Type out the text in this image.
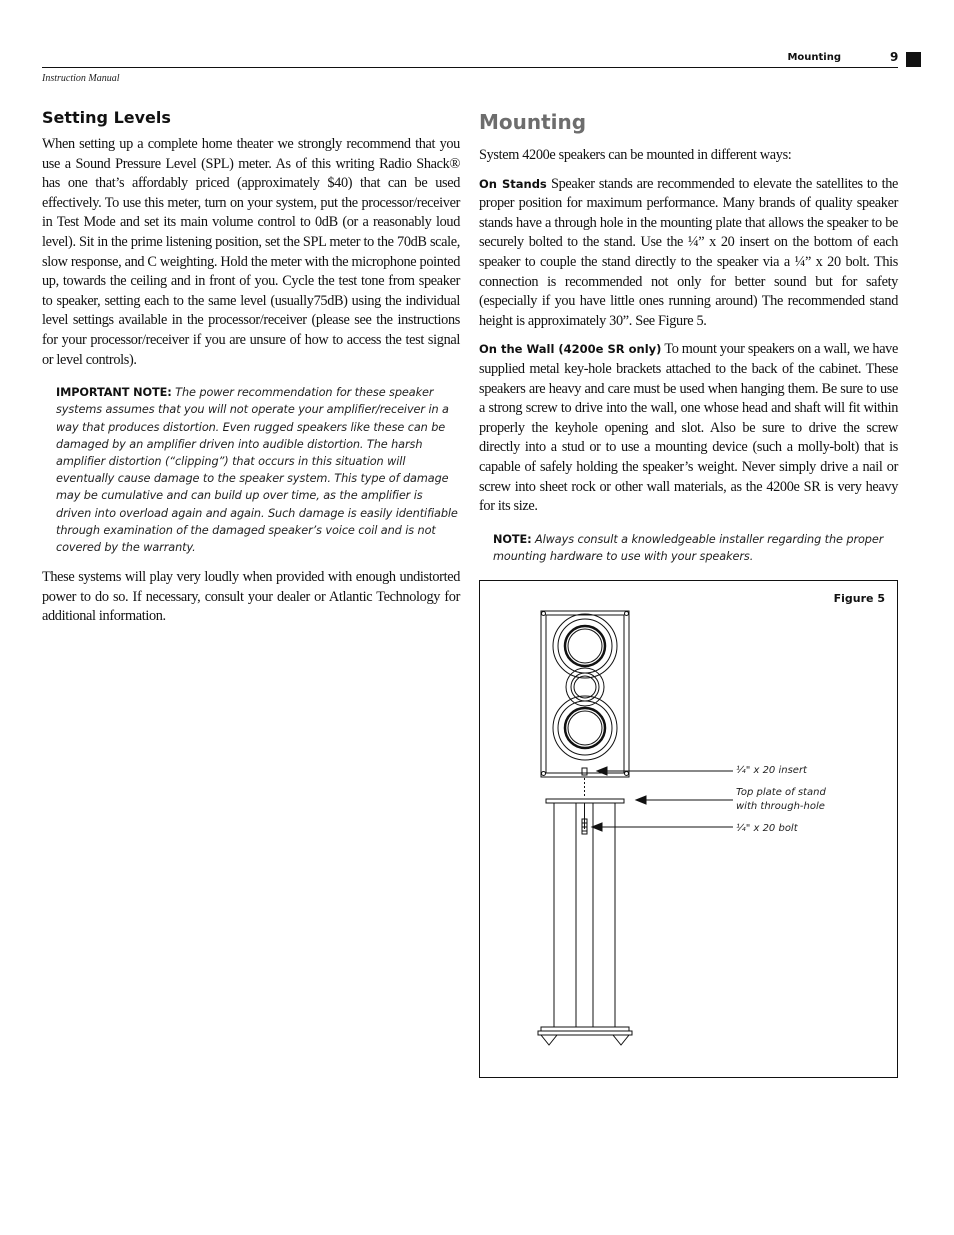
Mounting	9
Instruction Manual
Setting Levels

When setting up a complete home theater we strongly recommend that you use a Sound Pressure Level (SPL) meter. As of this writing Radio Shack® has one that’s affordably priced (approximately $40) that can be used effectively. To use this meter, turn on your system, put the processor/receiver in Test Mode and set its main volume control to 0dB (or a reasonably loud level). Sit in the prime listening position, set the SPL meter to the 70dB scale, slow response, and C weighting. Hold the meter with the microphone pointed up, towards the ceiling and in front of you. Cycle the test tone from speaker to speaker, setting each to the same level (usually75dB) using the individual level settings available in the processor/receiver (please see the instructions for your processor/receiver if you are unsure of how to access the test signal or level controls).

IMPORTANT NOTE: The power recommendation for these speaker systems assumes that you will not operate your amplifier/receiver in a way that produces distortion. Even rugged speakers like these can be damaged by an amplifier driven into audible distortion. The harsh amplifier distortion (“clipping”) that occurs in this situation will eventually cause damage to the speaker system. This type of damage may be cumulative and can build up over time, as the amplifier is driven into overload again and again. Such damage is easily identifiable through examination of the damaged speaker’s voice coil and is not covered by the warranty.

These systems will play very loudly when provided with enough undistorted power to do so. If necessary, consult your dealer or Atlantic Technology for additional information.

Mounting

System 4200e speakers can be mounted in different ways:

On Stands Speaker stands are recommended to elevate the satellites to the proper position for maximum performance. Many brands of quality speaker stands have a through hole in the mounting plate that allows the speaker to be securely bolted to the stand. Use the ¼” x 20 insert on the bottom of each speaker to couple the stand directly to the speaker via a ¼” x 20 bolt. This connection is recommended not only for better sound but for safety (especially if you have little ones running around) The recommended stand height is approximately 30”. See Figure 5.

On the Wall (4200e SR only) To mount your speakers on a wall, we have supplied metal key-hole brackets attached to the back of the cabinet. These speakers are heavy and care must be used when hanging them. Be sure to use a strong screw to drive into the wall, one whose head and shaft will fit within properly the keyhole opening and slot. Also be sure to drive the screw directly into a stud or to use a mounting device (such a molly-bolt) that is capable of safely holding the speaker’s weight. Never simply drive a nail or screw into sheet rock or other wall materials, as the 4200e SR is very heavy for its size.

NOTE: Always consult a knowledgeable installer regarding the proper mounting hardware to use with your speakers.
Figure 5
¼" x 20 insert
Top plate of stand
with through-hole
¼" x 20 bolt
